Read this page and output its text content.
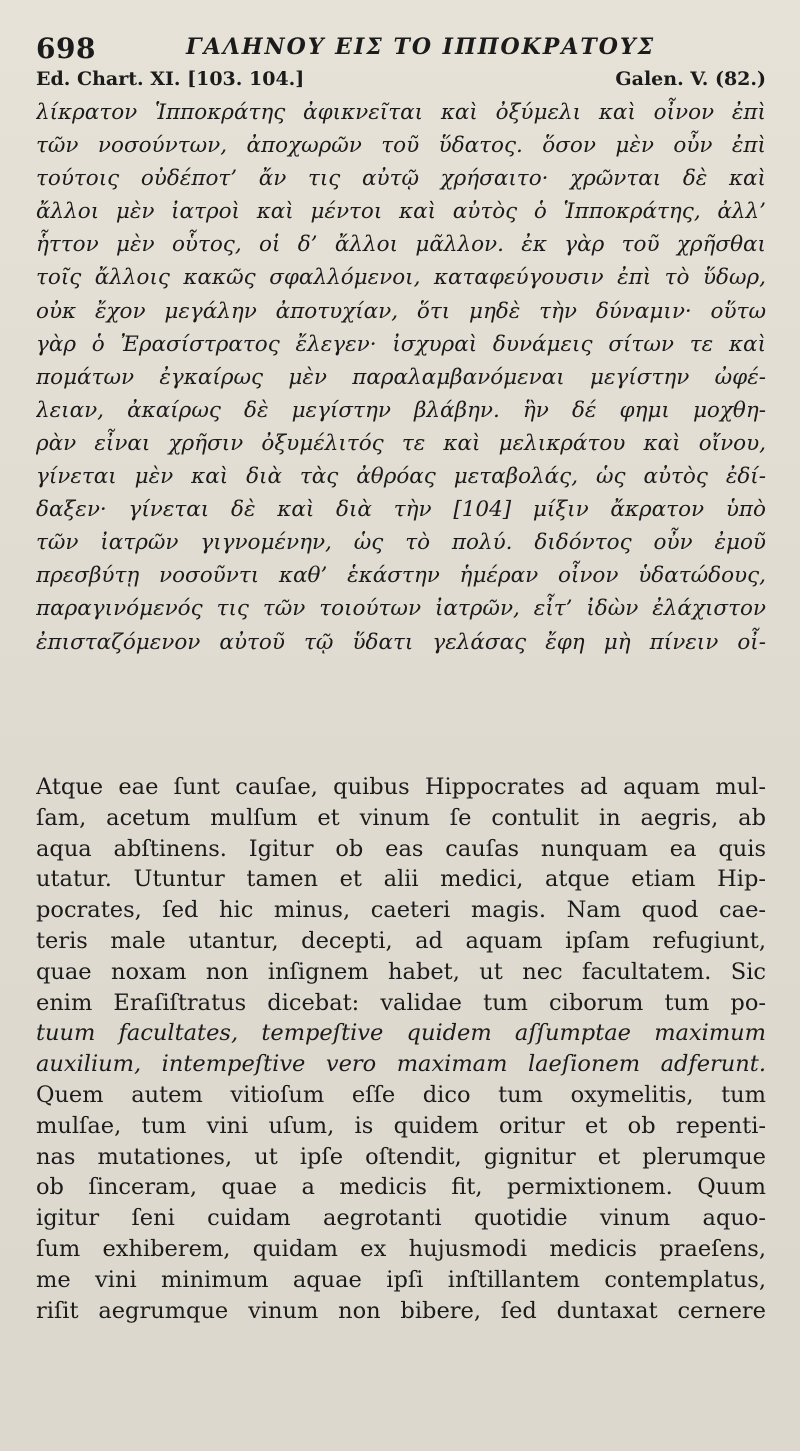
698	ΓΑΛΗΝΟΥ ΕΙΣ ΤΟ ΙΠΠΟΚΡΑΤΟΥΣ
Ed. Chart. XI. [103. 104.]	Galen. V. (82.)
λίκρατον Ἱπποκράτης ἀφικνεῖται καὶ ὀξύμελι καὶ οἶνον ἐπὶ
τῶν νοσούντων, ἀποχωρῶν τοῦ ὕδατος. ὅσον μὲν οὖν ἐπὶ
τούτοις οὐδέποτ’ ἄν τις αὐτῷ χρήσαιτο· χρῶνται δὲ καὶ
ἄλλοι μὲν ἰατροὶ καὶ μέντοι καὶ αὐτὸς ὁ Ἱπποκράτης, ἀλλ’
ἧττον μὲν οὗτος, οἱ δ’ ἄλλοι μᾶλλον. ἐκ γὰρ τοῦ χρῆσθαι
τοῖς ἄλλοις κακῶς σφαλλόμενοι, καταφεύγουσιν ἐπὶ τὸ ὕδωρ,
οὐκ ἔχον μεγάλην ἀποτυχίαν, ὅτι μηδὲ τὴν δύναμιν· οὕτω
γὰρ ὁ Ἐρασίστρατος ἔλεγεν· ἰσχυραὶ δυνάμεις σίτων τε καὶ
πομάτων ἐγκαίρως μὲν παραλαμβανόμεναι μεγίστην ὠφέ-
λειαν, ἀκαίρως δὲ μεγίστην βλάβην. ἣν δέ φημι μοχθη-
ρὰν εἶναι χρῆσιν ὀξυμέλιτός τε καὶ μελικράτου καὶ οἴνου,
γίνεται μὲν καὶ διὰ τὰς ἀθρόας μεταβολάς, ὡς αὐτὸς ἐδί-
δαξεν· γίνεται δὲ καὶ διὰ τὴν [104] μίξιν ἄκρατον ὑπὸ
τῶν ἰατρῶν γιγνομένην, ὡς τὸ πολύ. διδόντος οὖν ἐμοῦ
πρεσβύτῃ νοσοῦντι καθ’ ἑκάστην ἡμέραν οἶνον ὑδατώδους,
παραγινόμενός τις τῶν τοιούτων ἰατρῶν, εἶτ’ ἰδὼν ἐλάχιστον
ἐπισταζόμενον αὐτοῦ τῷ ὕδατι γελάσας ἔφη μὴ πίνειν οἶ-
Atque eae ſunt cauſae, quibus Hippocrates ad aquam mul-
ſam, acetum mulſum et vinum ſe contulit in aegris, ab
aqua abſtinens. Igitur ob eas cauſas nunquam ea quis
utatur. Utuntur tamen et alii medici, atque etiam Hip-
pocrates, ſed hic minus, caeteri magis. Nam quod cae-
teris male utantur, decepti, ad aquam ipſam refugiunt,
quae noxam non inſignem habet, ut nec facultatem. Sic
enim Eraſiſtratus dicebat: validae tum ciborum tum po-
tuum facultates, tempeſtive quidem aſſumptae maximum
auxilium, intempeſtive vero maximam laeſionem adferunt.
Quem autem vitioſum eſſe dico tum oxymelitis, tum
mulſae, tum vini uſum, is quidem oritur et ob repenti-
nas mutationes, ut ipſe oſtendit, gignitur et plerumque
ob ſinceram, quae a medicis fit, permixtionem. Quum
igitur ſeni cuidam aegrotanti quotidie vinum aquo-
ſum exhiberem, quidam ex hujusmodi medicis praeſens,
me vini minimum aquae ipſi inſtillantem contemplatus,
riſit aegrumque vinum non bibere, ſed duntaxat cernere
